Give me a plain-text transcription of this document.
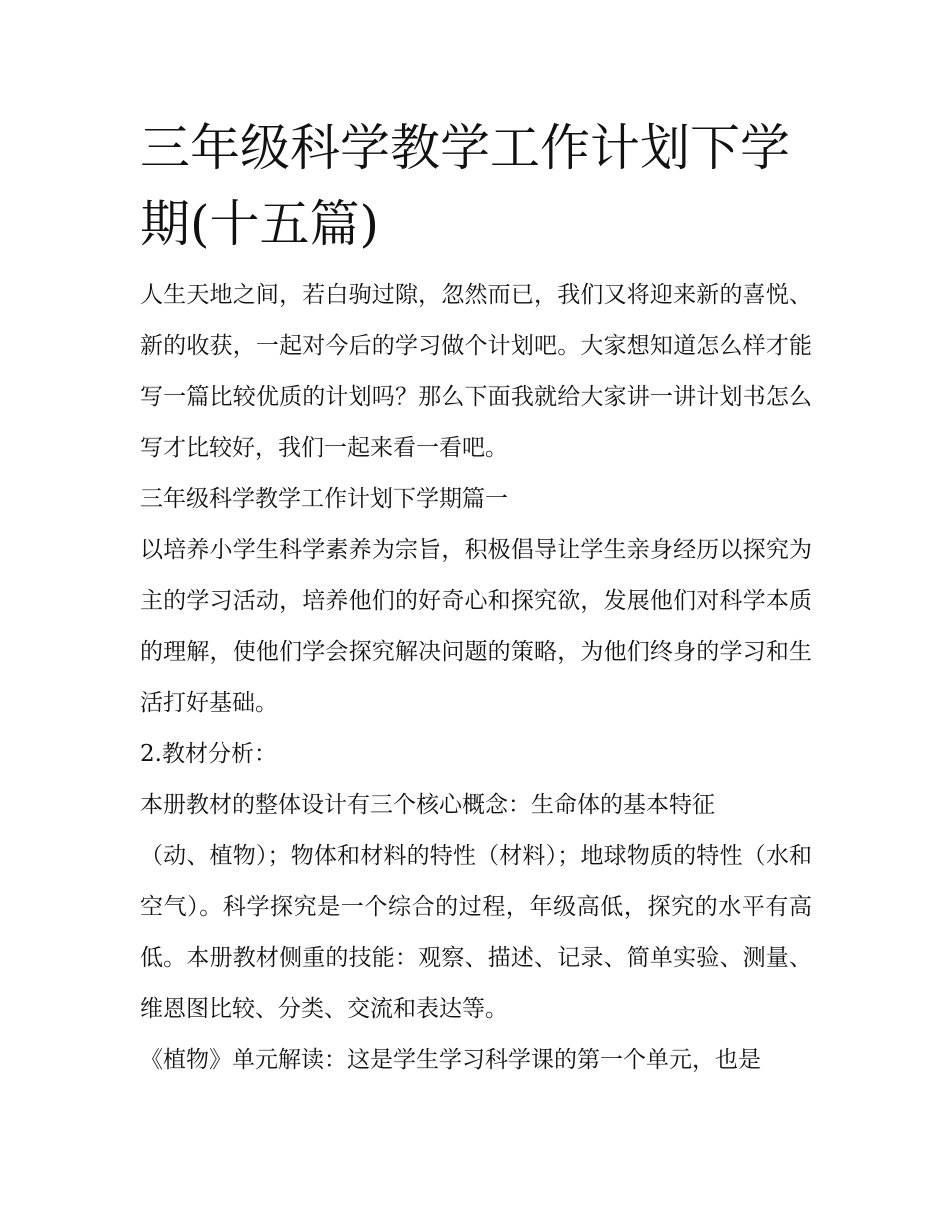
三年级科学教学工作计划下学期(十五篇)

人生天地之间，若白驹过隙，忽然而已，我们又将迎来新的喜悦、新的收获，一起对今后的学习做个计划吧。大家想知道怎么样才能写一篇比较优质的计划吗？那么下面我就给大家讲一讲计划书怎么写才比较好，我们一起来看一看吧。

三年级科学教学工作计划下学期篇一

以培养小学生科学素养为宗旨，积极倡导让学生亲身经历以探究为主的学习活动，培养他们的好奇心和探究欲，发展他们对科学本质的理解，使他们学会探究解决问题的策略，为他们终身的学习和生活打好基础。

2.教材分析：

本册教材的整体设计有三个核心概念：生命体的基本特征

（动、植物）；物体和材料的特性（材料）；地球物质的特性（水和空气）。科学探究是一个综合的过程，年级高低，探究的水平有高低。本册教材侧重的技能：观察、描述、记录、简单实验、测量、维恩图比较、分类、交流和表达等。

《植物》单元解读：这是学生学习科学课的第一个单元，也是
